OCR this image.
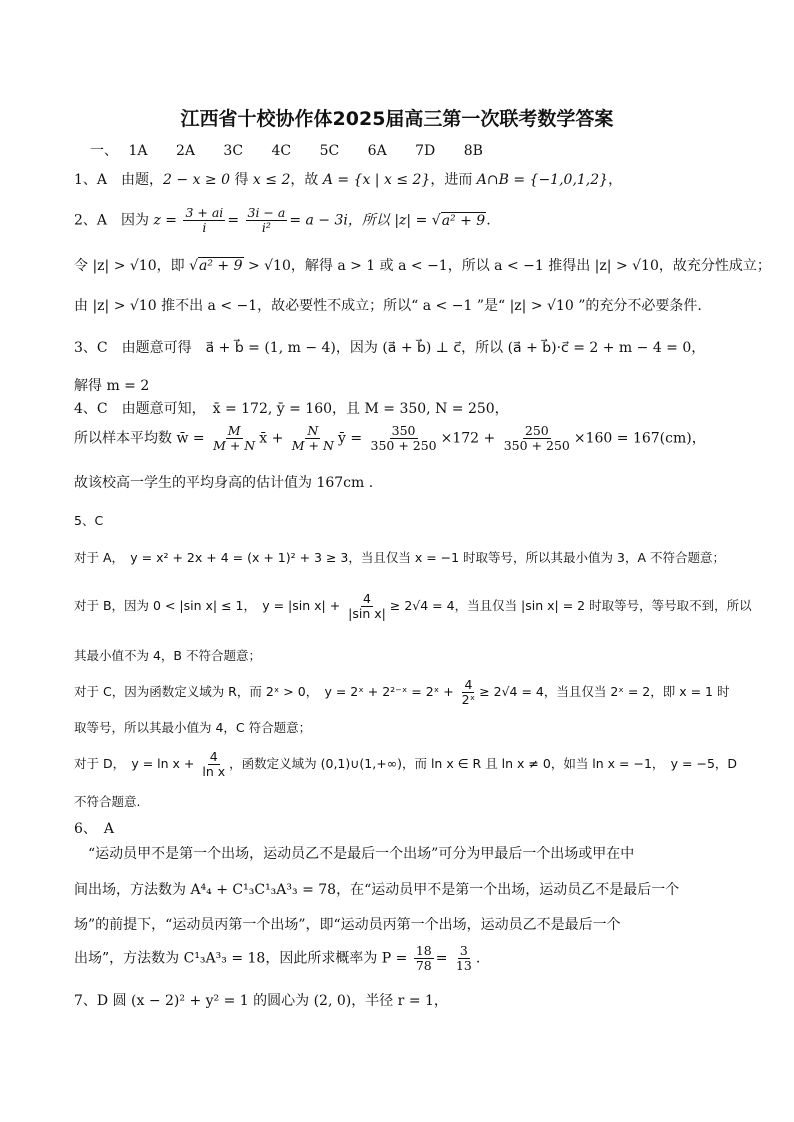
江西省十校协作体2025届高三第一次联考数学答案
一、 1A 2A 3C 4C 5C 6A 7D 8B
1、A　由题，2 − x ≥ 0 得 x ≤ 2，故 A = {x | x ≤ 2}，进而 A∩B = {−1,0,1,2}，
2、A　因为 $z = \frac{3 + ai}{i} = \frac{3i - a}{\text{i²}} = a - 3i$，所以 |z| = √a² + 9.
令 |z| > √10，即 √a² + 9 > √10，解得 a > 1 或 a < −1，所以 a < −1 推得出 |z| > √10，故充分性成立；
由 |z| > √10 推不出 a < −1，故必要性不成立；所以“ a < −1 ”是“ |z| > √10 ”的充分不必要条件.
3、C　由题意可得　a⃗ + b⃗ = (1, m − 4)，因为 (a⃗ + b⃗) ⊥ c⃗，所以 (a⃗ + b⃗)·c⃗ = 2 + m − 4 = 0，
解得 m = 2
4、C　由题意可知，　x̄ = 172, ȳ = 160，且 M = 350, N = 250，
所以样本平均数 w̄ = $\frac{M}{M + N}$ x̄ + $\frac{N}{M + N}$ ȳ = $\frac{350}{350 + 250} \times 172 + \frac{250}{350 + 250} \times 160 = 167(cm)$，
故该校高一学生的平均身高的估计值为 167cm .
5、C
对于 A，　y = x² + 2x + 4 = (x + 1)² + 3 ≥ 3，当且仅当 x = −1 时取等号，所以其最小值为 3，A 不符合题意；
对于 B，因为 0 < |sin x| ≤ 1，　y = |sin $x| + \frac{4}{\text{|sin x|}} \ge 2√4 = 4$，当且仅当 |sin x| = 2 时取等号，等号取不到，所以
其最小值不为 4，B 不符合题意；
对于 C，因为函数定义域为 R，而 2ˣ > 0，　y = 2ˣ + 2²⁻ˣ = 2ˣ + $\frac{4}{\text{2ˣ}} \ge 2√4 = 4$，当且仅当 2ˣ = 2，即 x = 1 时
取等号，所以其最小值为 4，C 符合题意；
对于 D，　$y = \ln x + \frac{4}{\text{ln x}}$ ，函数定义域为 (0,1)∪(1,+∞)，而 ln x ∈ R 且 ln x ≠ 0，如当 ln x = −1，　y = −5，D
不符合题意.
6、　A
　“运动员甲不是第一个出场，运动员乙不是最后一个出场”可分为甲最后一个出场或甲在中
间出场，方法数为 A⁴₄ + C¹₃C¹₃A³₃ = 78，在“运动员甲不是第一个出场，运动员乙不是最后一个
场”的前提下，“运动员丙第一个出场”，即“运动员丙第一个出场，运动员乙不是最后一个
出场”，方法数为 C¹₃A³₃ = 18，因此所求概率为 $P = \frac{18}{78} = \frac{3}{13}$ .
7、D 圆 (x − 2)² + y² = 1 的圆心为 (2, 0)，半径 r = 1，
